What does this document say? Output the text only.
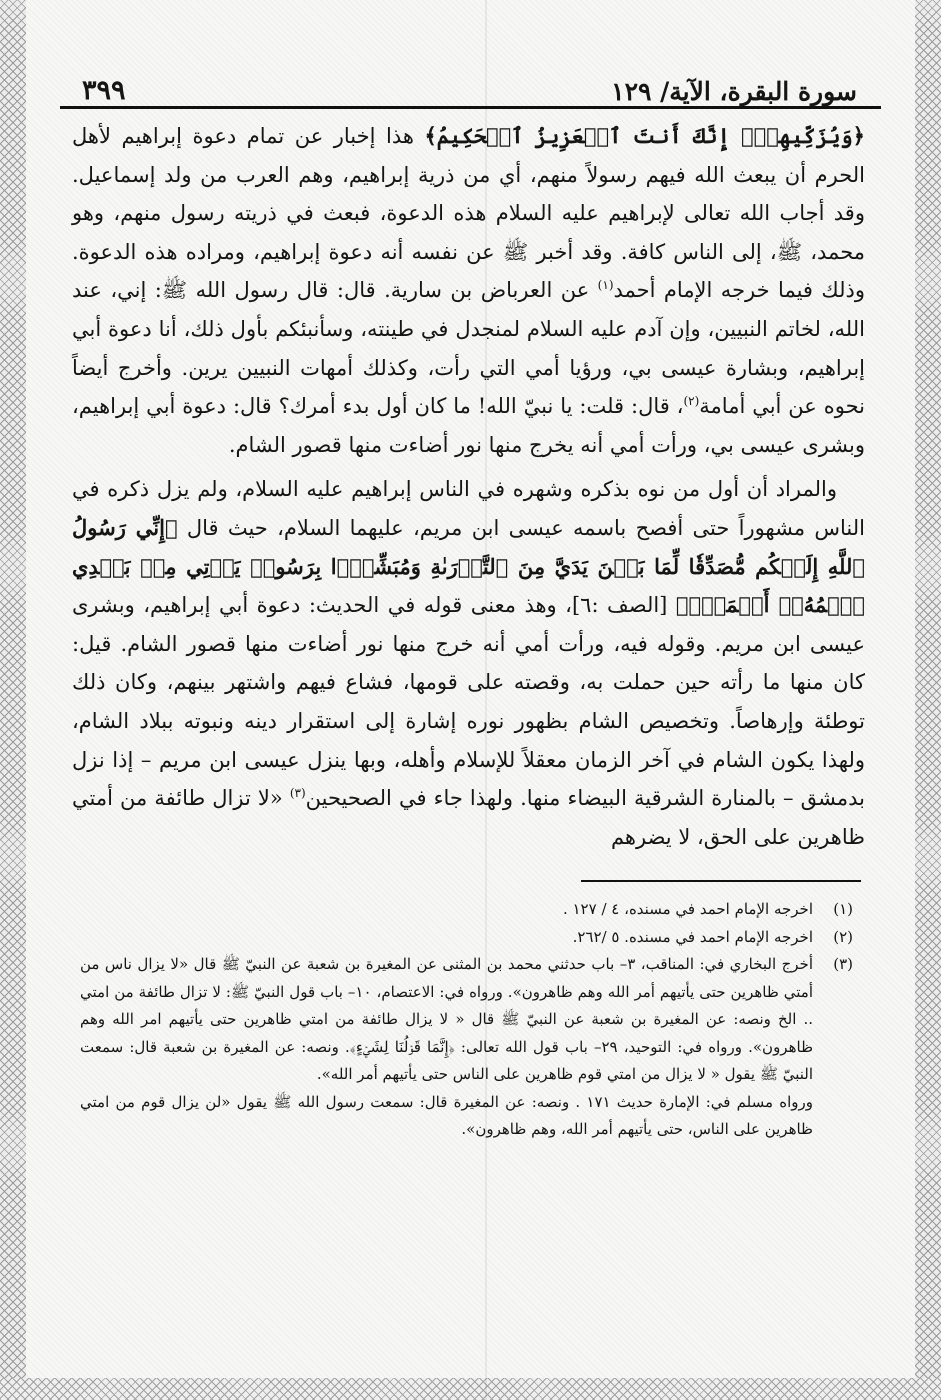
سورة البقرة، الآية/ ١٢٩
٣٩٩

﴿وَيُزَكِّيهِمۡۚ إِنَّكَ أَنتَ ٱلۡعَزِيزُ ٱلۡحَكِيمُ﴾ هذا إخبار عن تمام دعوة إبراهيم لأهل الحرم أن يبعث الله فيهم رسولاً منهم، أي من ذرية إبراهيم، وهم العرب من ولد إسماعيل. وقد أجاب الله تعالى لإبراهيم عليه السلام هذه الدعوة، فبعث في ذريته رسول منهم، وهو محمد، ﷺ، إلى الناس كافة. وقد أخبر ﷺ عن نفسه أنه دعوة إبراهيم، ومراده هذه الدعوة. وذلك فيما خرجه الإمام أحمد$^{(١)}$ عن العرباض بن سارية. قال: قال رسول الله ﷺ: إني، عند الله، لخاتم النبيين، وإن آدم عليه السلام لمنجدل في طينته، وسأنبئكم بأول ذلك، أنا دعوة أبي إبراهيم، وبشارة عيسى بي، ورؤيا أمي التي رأت، وكذلك أمهات النبيين يرين. وأخرج أيضاً نحوه عن أبي أمامة$^{(٢)}$، قال: قلت: يا نبيّ الله! ما كان أول بدء أمرك؟ قال: دعوة أبي إبراهيم، وبشرى عيسى بي، ورأت أمي أنه يخرج منها نور أضاءت منها قصور الشام.

والمراد أن أول من نوه بذكره وشهره في الناس إبراهيم عليه السلام، ولم يزل ذكره في الناس مشهوراً حتى أفصح باسمه عيسى ابن مريم، عليهما السلام، حيث قال ﴿إِنِّي رَسُولُ ٱللَّهِ إِلَيۡكُم مُّصَدِّقٗا لِّمَا بَيۡنَ يَدَيَّ مِنَ ٱلتَّوۡرَىٰةِ وَمُبَشِّرَۢا بِرَسُولٖ يَأۡتِي مِنۢ بَعۡدِي ٱسۡمُهُۥٓ أَحۡمَدُۖ﴾ [الصف :٦]، وهذ معنى قوله في الحديث: دعوة أبي إبراهيم، وبشرى عيسى ابن مريم. وقوله فيه، ورأت أمي أنه خرج منها نور أضاءت منها قصور الشام. قيل: كان منها ما رأته حين حملت به، وقصته على قومها، فشاع فيهم واشتهر بينهم، وكان ذلك توطئة وإرهاصاً. وتخصيص الشام بظهور نوره إشارة إلى استقرار دينه ونبوته ببلاد الشام، ولهذا يكون الشام في آخر الزمان معقلاً للإسلام وأهله، وبها ينزل عيسى ابن مريم – إذا نزل بدمشق – بالمنارة الشرقية البيضاء منها. ولهذا جاء في الصحيحين$^{(٣)}$ «لا تزال طائفة من أمتي ظاهرين على الحق، لا يضرهم

(١)
اخرجه الإمام احمد في مسنده، ٤ / ١٢٧ .
(٢)
اخرجه الإمام احمد في مسنده. ٥ /٢٦٢.
(٣)
أخرج البخاري في: المناقب، ٣– باب حدثني محمد بن المثنى عن المغيرة بن شعبة عن النبيّ ﷺ قال «لا يزال ناس من أمتي ظاهرين حتى يأتيهم أمر الله وهم ظاهرون». ورواه في: الاعتصام، ١٠– باب قول النبيّ ﷺ: لا تزال طائفة من امتي .. الخ ونصه: عن المغيرة بن شعبة عن النبيّ ﷺ قال « لا يزال طائفة من امتي ظاهرين حتى يأتيهم امر الله وهم ظاهرون». ورواه في: التوحيد، ٢٩– باب قول الله تعالى: ﴿إِنَّمَا قَوۡلُنَا لِشَيۡءٍ﴾. ونصه: عن المغيرة بن شعبة قال: سمعت النبيّ ﷺ يقول « لا يزال من امتي قوم ظاهرين على الناس حتى يأتيهم أمر الله».

ورواه مسلم في: الإمارة حديث ١٧١ . ونصه: عن المغيرة قال: سمعت رسول الله ﷺ يقول «لن يزال قوم من امتي ظاهرين على الناس، حتى يأتيهم أمر الله، وهم ظاهرون».
